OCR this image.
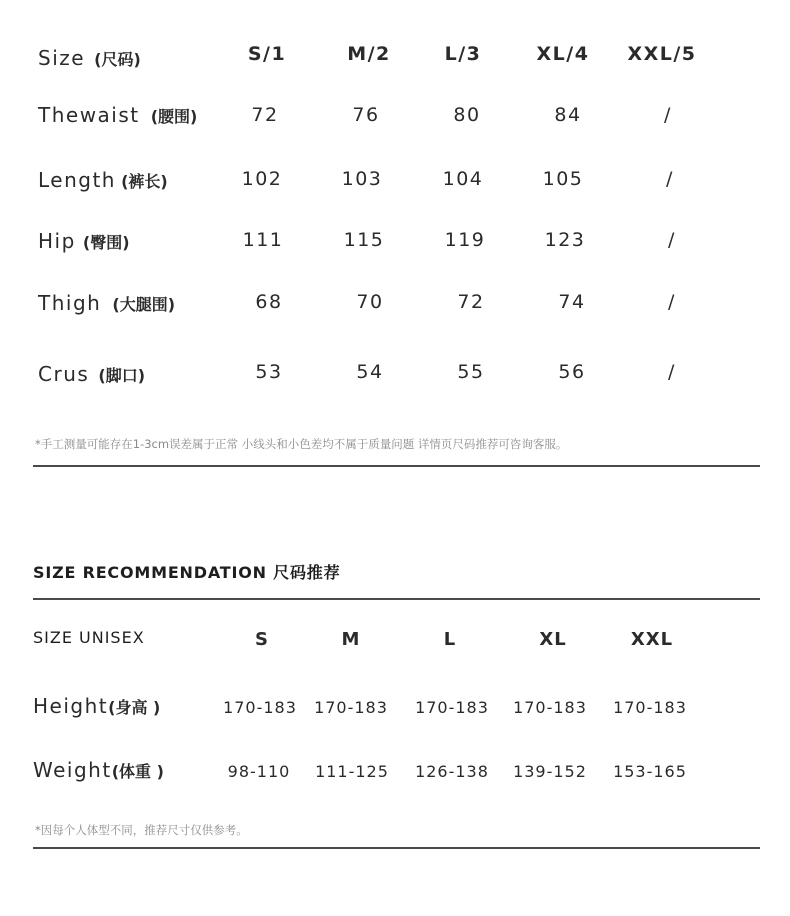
Size (尺码)	S/1	M/2	L/3	XL/4	XXL/5
Thewaist (腰围)	72	76	80	84	/
Length (裤长)	102	103	104	105	/
Hip (臀围)	111	115	119	123	/
Thigh (大腿围)	68	70	72	74	/
Crus (脚口)	53	54	55	56	/
*手工测量可能存在1-3cm误差属于正常 小线头和小色差均不属于质量问题 详情页尺码推荐可咨询客服。
SIZE RECOMMENDATION 尺码推荐
SIZE UNISEX	S	M	L	XL	XXL
Height(身高 )	170-183	170-183	170-183	170-183	170-183
Weight(体重 )	98-110	111-125	126-138	139-152	153-165
*因每个人体型不同，推荐尺寸仅供参考。
